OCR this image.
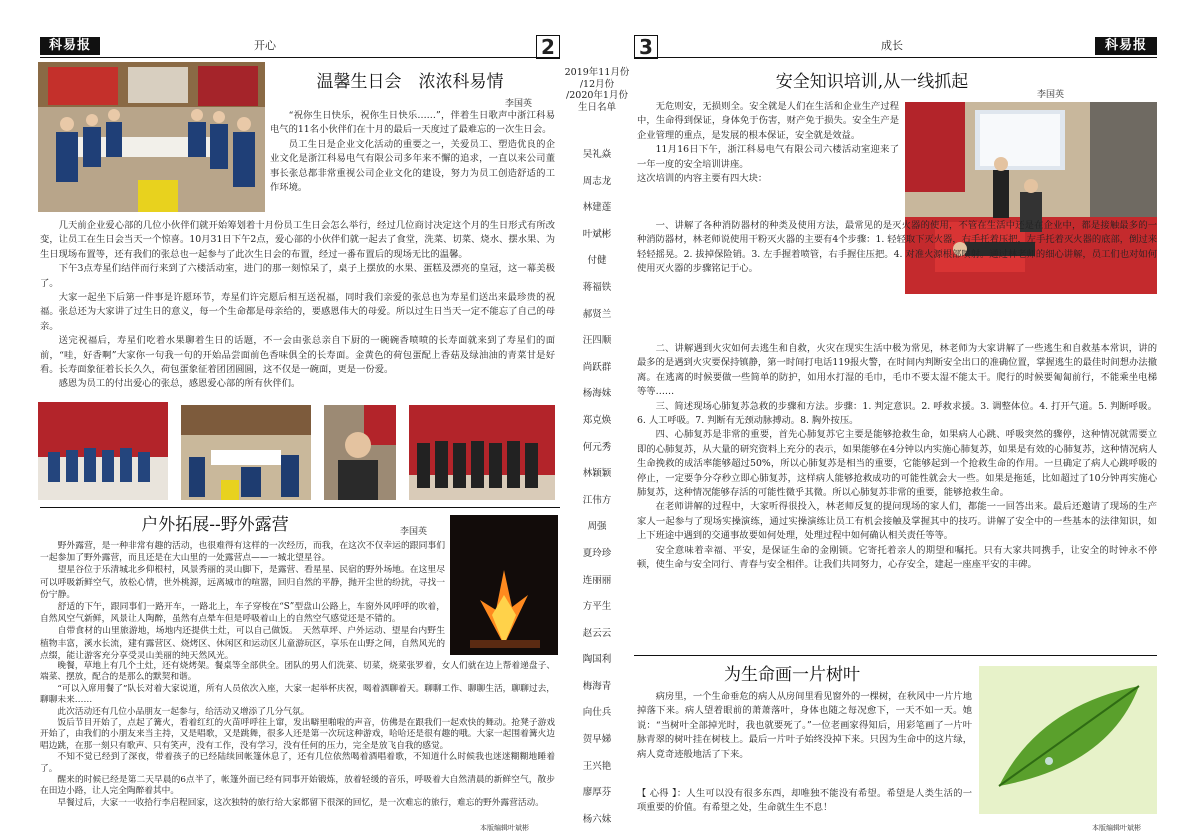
科易报	开心	2
温馨生日会　浓浓科易情
李国英

“祝你生日快乐，祝你生日快乐……”，伴着生日歌声中浙江科易电气的11名小伙伴们在十月的最后一天度过了最难忘的一次生日会。

员工生日是企业文化活动的重要之一，关爱员工、塑造优良的企业文化是浙江科易电气有限公司多年来不懈的追求，一直以来公司董事长张总都非常重视公司企业文化的建设，努力为员工创造舒适的工作环境。

几天前企业爱心部的几位小伙伴们就开始筹划着十月份员工生日会怎么举行，经过几位商讨决定这个月的生日形式有所改变，让员工在生日会当天一个惊喜。10月31日下午2点，爱心部的小伙伴们就一起去了食堂，洗菜、切菜、烧水、摆水果、为生日现场布置等，还有我们的张总也一起参与了此次生日会的布置，经过一番布置后的现场无比的温馨。

下午3点寿星们结伴而行来到了六楼活动室，进门的那一刻惊呆了，桌子上摆放的水果、蛋糕及漂亮的皇冠，这一幕美极了。

大家一起坐下后第一件事是许愿环节，寿星们许完愿后相互送祝福，同时我们亲爱的张总也为寿星们送出来最珍贵的祝福。张总还为大家讲了过生日的意义，每一个生命都是母亲给的，要感恩伟大的母爱。所以过生日当天一定不能忘了自己的母亲。

送完祝福后，寿星们吃着水果聊着生日的话题，不一会由张总亲自下厨的一碗碗香喷喷的长寿面就来到了寿星们的面前，“哇，好香啊”大家你一句我一句的开始品尝面前色香味俱全的长寿面。金黄色的荷包蛋配上香菇及绿油油的青菜甘是好看。长寿面象征着长长久久，荷包蛋象征着团团圆圆，这不仅是一碗面，更是一份爱。

感恩为员工的付出爱心的张总，感恩爱心部的所有伙伴们。

户外拓展--野外露营	李国英

野外露营，是一种非常有趣的活动，也很难得有这样的一次经历，而我，在这次不仅幸运的跟同事们一起参加了野外露营，而且还是在大山里的一处露营点——一城北望星谷。

望星谷位于乐清城北乡仰根村，风景秀丽的灵山脚下，是露营、看星星、民宿的野外场地。在这里尽可以呼吸新鲜空气，放松心情，世外桃源，远离城市的喧嚣，回归自然的平静，抛开尘世的纷扰，寻找一份宁静。

舒适的下午，跟同事们一路开车，一路北上，车子穿梭在“S”型盘山公路上，车窗外风呼呼的吹着，自然风空气新鲜，风景让人陶醉，虽然有点晕车但是呼吸着山上的自然空气感觉还是不错的。

自带食材的山里旅游地，场地内还提供土灶，可以自己做饭。　天然草坪、户外运动、望星台内野生植物丰富，溪水长流，建有露营区、烧烤区、休闲区和运动区儿童游玩区，享乐在山野之间，自然风光的点缀，能让游客充分享受灵山美丽的纯天然风光。

晚餐，草地上有几个土灶，还有烧烤架。餐桌等全部供全。团队的男人们洗菜、切菜，烧菜张罗着，女人们就在边上帮着递盘子、端菜、摆放，配合的是那么的默契和谐。

“可以入席用餐了”队长对着大家说道，所有人员依次入座，大家一起举杯庆祝，喝着酒聊着天。聊聊工作、聊聊生活，聊聊过去，聊聊未来……

此次活动还有几位小品朋友一起参与，给活动又增添了几分气氛。

饭后节目开始了，点起了篝火，看着红红的火苗呼呼往上窜，发出噼里啪啦的声音，仿佛是在跟我们一起欢快的舞动。抢凳子游戏开始了，由我们的小朋友来当主持，又是唱歌，又是跳舞，很多人还是第一次玩这种游戏，哈哈还是很有趣的哦。大家一起围着篝火边唱边跳，在那一刻只有歌声、只有笑声，没有工作，没有学习，没有任何的压力，完全是放飞自我的感觉。

不知不觉已经到了深夜，带着孩子的已经陆续回帐篷休息了，还有几位依然喝着酒唱着歌，不知道什么时候我也迷迷糊糊地睡着了。

醒来的时候已经是第二天早晨的6点半了，帐篷外面已经有同事开始锻炼，放着轻缓的音乐，呼吸着大自然清晨的新鲜空气，散步在田边小路，让人完全陶醉着其中。

早餐过后，大家一一收拾行李启程回家，这次独特的旅行给大家都留下很深的回忆，是一次难忘的旅行，难忘的野外露营活动。

本版编辑叶斌彬
2019年11月份
/12月份
/2020年1月份
生日名单
吴礼焱
周志龙
林建莲
叶斌彬
付健
蒋福铁
郝贤兰
汪四顺
尚跃群
杨海妹
郑克焕
何元秀
林颖颖
江伟方
周强
夏玲珍
连丽丽
方平生
赵云云
陶国利
梅海青
向仕兵
贺早娣
王兴艳
廖厚芬
杨六妹
3	成长	科易报
安全知识培训,从一线抓起
李国英

无危则安，无损则全。安全就是人们在生活和企业生产过程中，生命得到保证，身体免于伤害，财产免于损失。安全生产是企业管理的重点，是发展的根本保证，安全就是效益。

11月16日下午，浙江科易电气有限公司六楼活动室迎来了一年一度的安全培训讲座。

这次培训的内容主要有四大块：

一、讲解了各种消防器材的种类及使用方法，最常见的是灭火器的使用，不管在生活中还是在企业中，都是接触最多的一种消防器材，林老师说使用干粉灭火器的主要有4个步骤：1. 轻轻取下灭火器，右手托着压把，左手托着灭火器的底部，倒过来轻轻摇晃。2. 拔掉保险销。3. 左手握着喷管，右手握住压把。4. 对准火源根部喷射。通过林老师的细心讲解，员工们也对如何使用灭火器的步骤铭记于心。

二、讲解遇到火灾如何去逃生和自救，火灾在现实生活中极为常见，林老师为大家讲解了一些逃生和自救基本常识，讲的最多的是遇到火灾要保持镇静，第一时间打电话119报火警，在时间内判断安全出口的准确位置，掌握逃生的最佳时间想办法撤离。在逃离的时候要做一些简单的防护，如用水打湿的毛巾，毛巾不要太湿不能太干。爬行的时候要匍匐前行，不能乘坐电梯等等……

三、简述现场心肺复苏急救的步骤和方法。步骤：1. 判定意识。2. 呼救求援。3. 调整体位。4. 打开气道。5. 判断呼吸。6. 人工呼吸。7. 判断有无颈动脉搏动。8. 胸外按压。

四、心肺复苏是非常的重要，首先心肺复苏它主要是能够抢救生命，如果病人心跳、呼吸突然的骤停，这种情况就需要立即的心肺复苏，从大量的研究资料上充分的表示，如果能够在4分钟以内实施心肺复苏，如果是有效的心肺复苏，这种情况病人生命挽救的成活率能够超过50%，所以心肺复苏是相当的重要，它能够起到一个抢救生命的作用。一旦确定了病人心跳呼吸的停止，一定要争分夺秒立即心肺复苏，这样病人能够抢救成功的可能性就会大一些。如果是拖延，比如超过了10分钟再实施心肺复苏，这种情况能够存活的可能性微乎其微。所以心肺复苏非常的重要，能够抢救生命。

在老师讲解的过程中，大家听得很投入，林老师反复的提问现场的家人们，都能一一回答出来。最后还邀请了现场的生产家人一起参与了现场实操演练，通过实操演练让员工有机会接触及掌握其中的技巧。讲解了安全中的一些基本的法律知识，如上下班途中遇到的交通事故要如何处理，处理过程中如何确认相关责任等等。

安全意味着幸福、平安，是保证生命的金刚锁。它寄托着亲人的期望和嘱托。只有大家共同携手，让安全的时钟永不停顿，使生命与安全同行、青春与安全相伴。让我们共同努力，心存安全，建起一座座平安的丰碑。

为生命画一片树叶

病房里，一个生命垂危的病人从房间里看见窗外的一棵树，在秋风中一片片地掉落下来。病人望着眼前的萧萧落叶，身体也随之每况愈下，一天不如一天。她说：“当树叶全部掉光时，我也就要死了。”一位老画家得知后，用彩笔画了一片叶脉青翠的树叶挂在树枝上。最后一片叶子始终没掉下来。只因为生命中的这片绿，病人竟奇迹般地活了下来。

【 心得 】：人生可以没有很多东西，却唯独不能没有希望。希望是人类生活的一项重要的价值。有希望之处，生命就生生不息！

本版编辑叶斌彬
